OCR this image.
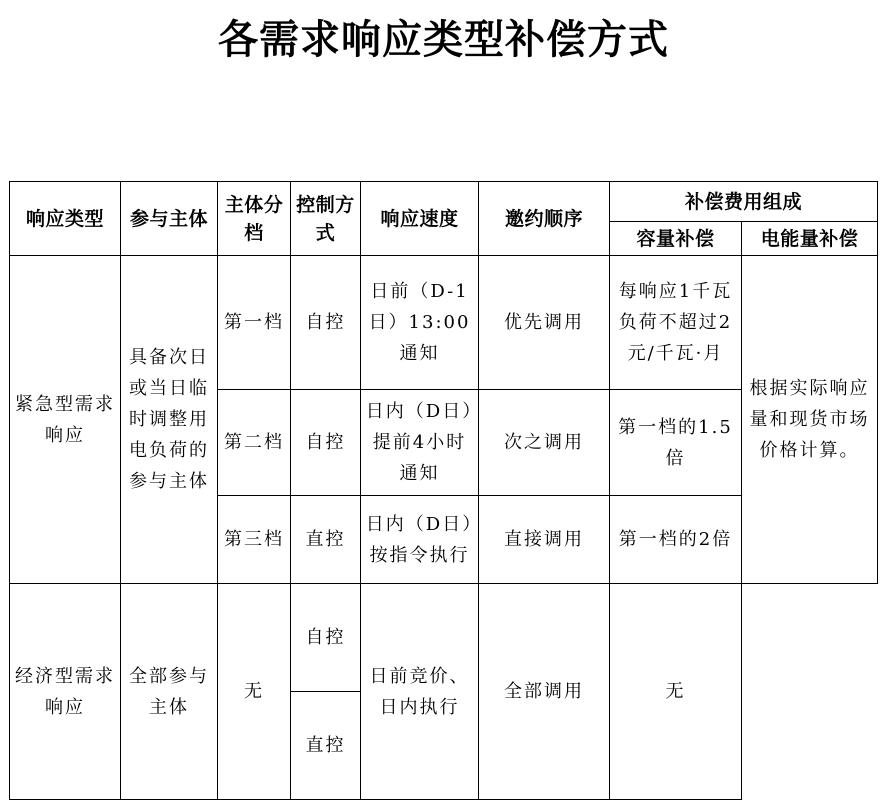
各需求响应类型补偿方式
响应类型	参与主体	主体分档	控制方式	响应速度	邀约顺序	补偿费用组成	
						容量补偿	电能量补偿
紧急型需求响应	具备次日或当日临时调整用电负荷的参与主体	第一档	自控	日前（D-1日）13:00通知	优先调用	每响应1千瓦负荷不超过2元/千瓦·月	根据实际响应量和现货市场价格计算。
		第二档	自控	日内（D日）提前4小时通知	次之调用	第一档的1.5倍	
		第三档	直控	日内（D日）按指令执行	直接调用	第一档的2倍	
经济型需求响应	全部参与主体	无	自控	日前竞价、日内执行	全部调用	无	
			直控				
